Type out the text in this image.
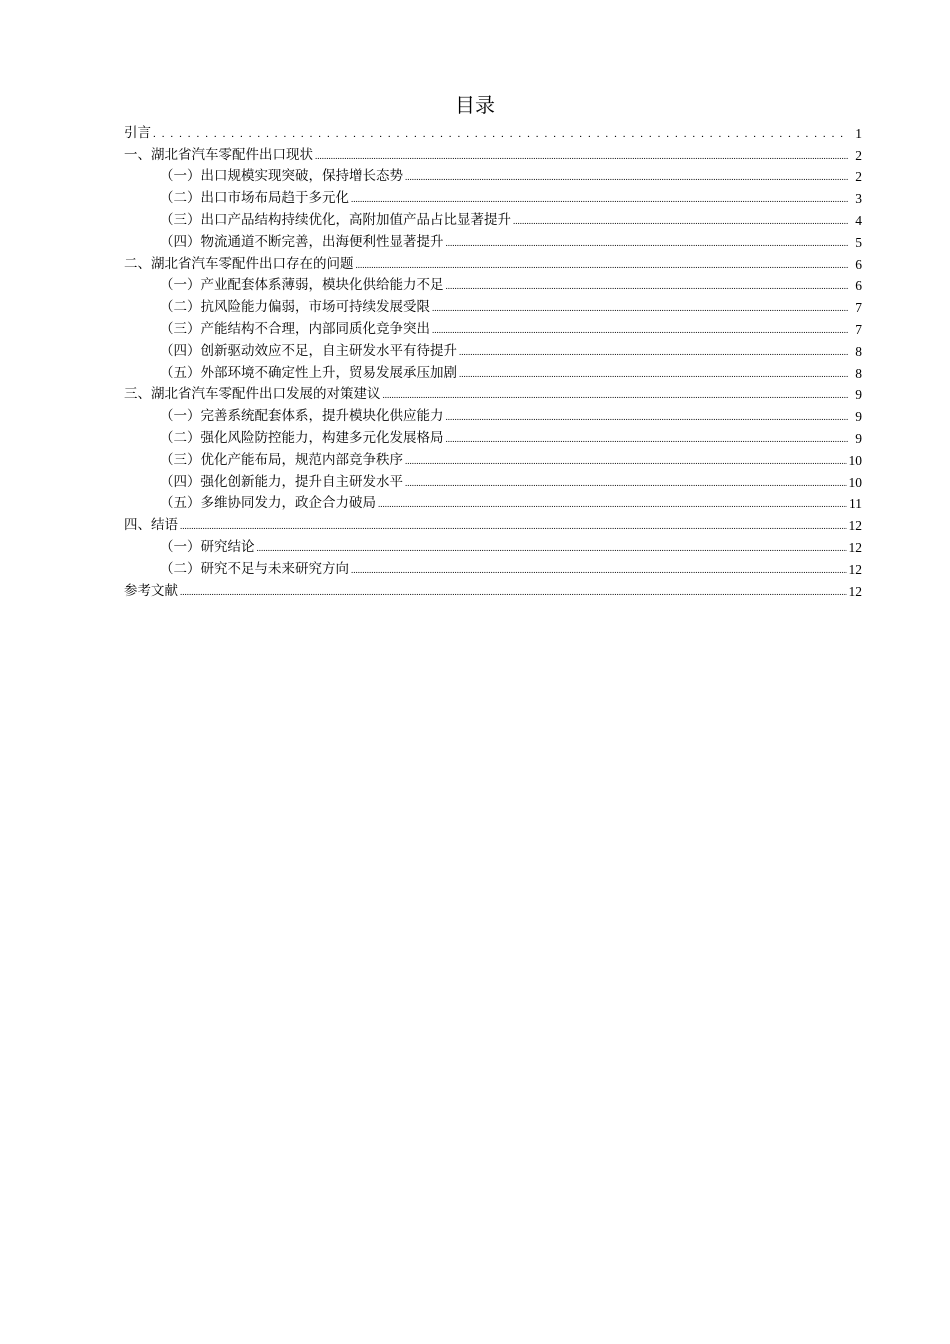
目录
引言 . . .	1
一、湖北省汽车零配件出口现状 .....	2
（一）出口规模实现突破，保持增长态势 .....	2
（二）出口市场布局趋于多元化 .....	3
（三）出口产品结构持续优化，高附加值产品占比显著提升 .....	4
（四）物流通道不断完善，出海便利性显著提升 .....	5
二、湖北省汽车零配件出口存在的问题 .....	6
（一）产业配套体系薄弱，模块化供给能力不足 .....	6
（二）抗风险能力偏弱，市场可持续发展受限 .....	7
（三）产能结构不合理，内部同质化竞争突出 .....	7
（四）创新驱动效应不足，自主研发水平有待提升 .....	8
（五）外部环境不确定性上升，贸易发展承压加剧 .....	8
三、湖北省汽车零配件出口发展的对策建议 .....	9
（一）完善系统配套体系，提升模块化供应能力 .....	9
（二）强化风险防控能力，构建多元化发展格局 .....	9
（三）优化产能布局，规范内部竞争秩序 .....	10
（四）强化创新能力，提升自主研发水平 .....	10
（五）多维协同发力，政企合力破局 .....	11
四、结语 .....	12
（一）研究结论 .....	12
（二）研究不足与未来研究方向 .....	12
参考文献 .....	12
